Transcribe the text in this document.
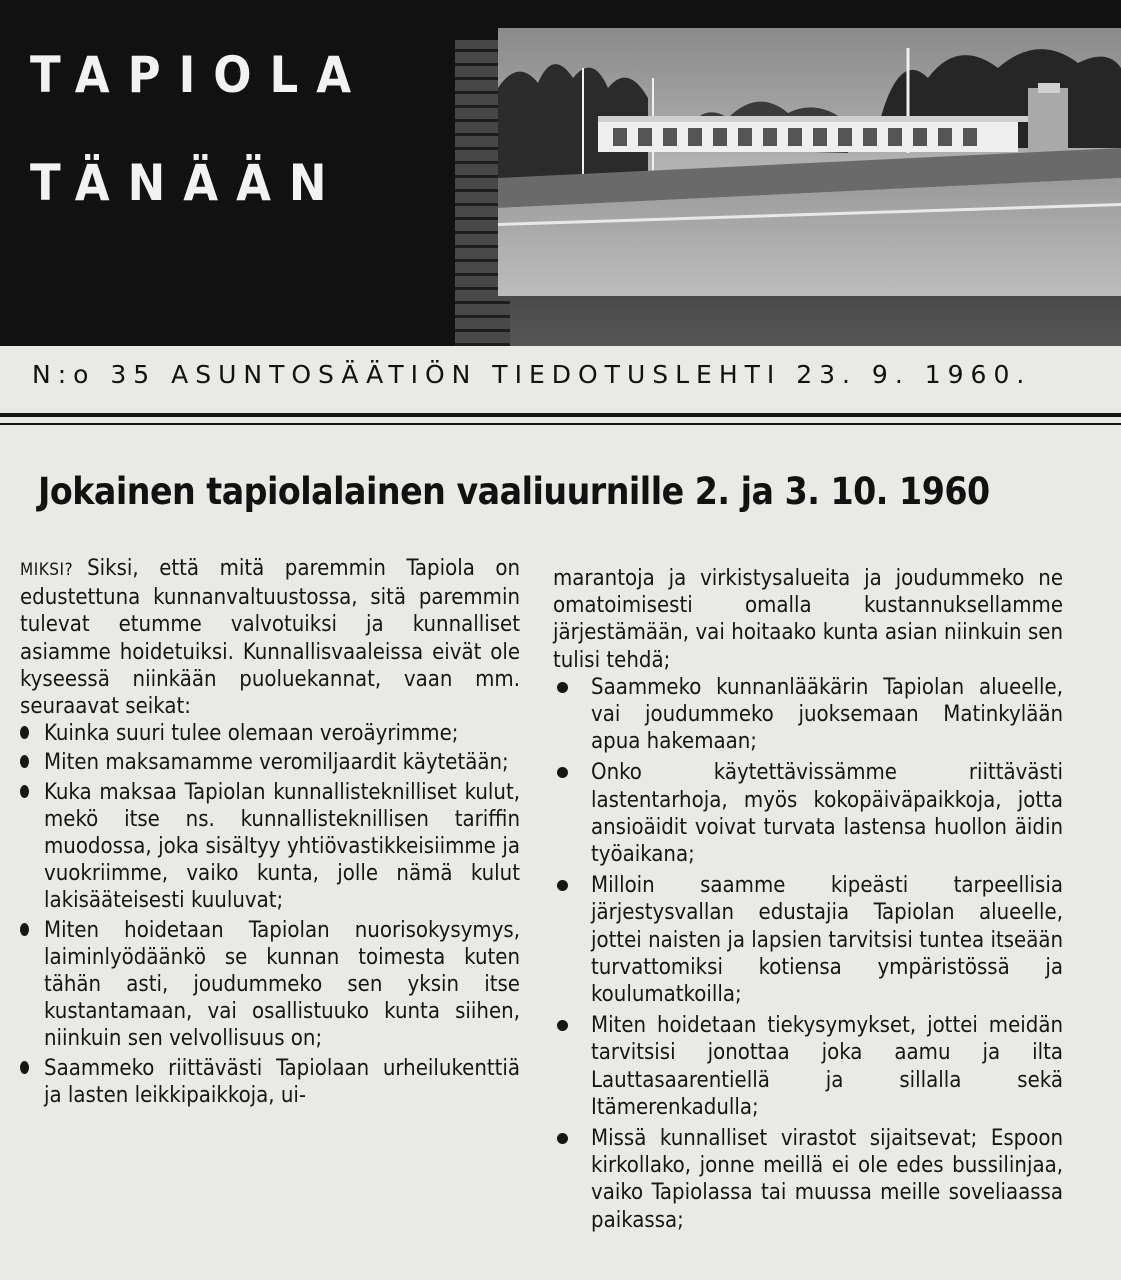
TAPIOLA
TÄNÄÄN
N:o 35 ASUNTOSÄÄTIÖN TIEDOTUSLEHTI 23. 9. 1960.
Jokainen tapiolalainen vaaliuurnille 2. ja 3. 10. 1960

MIKSI? Siksi, että mitä paremmin Tapiola on edustettuna kunnanvaltuustossa, sitä paremmin tulevat etumme valvotuiksi ja kunnalliset asiamme hoidetuiksi. Kunnallisvaaleissa eivät ole kyseessä niinkään puoluekannat, vaan mm. seuraavat seikat:

Kuinka suuri tulee olemaan veroäyrimme;
Miten maksamamme veromiljaardit käytetään;
Kuka maksaa Tapiolan kunnallisteknilliset kulut, mekö itse ns. kunnallisteknillisen tariffin muodossa, joka sisältyy yhtiövastikkeisiimme ja vuokriimme, vaiko kunta, jolle nämä kulut lakisääteisesti kuuluvat;
Miten hoidetaan Tapiolan nuorisokysymys, laiminlyödäänkö se kunnan toimesta kuten tähän asti, joudummeko sen yksin itse kustantamaan, vai osallistuuko kunta siihen, niinkuin sen velvollisuus on;
Saammeko riittävästi Tapiolaan urheilukenttiä ja lasten leikkipaikkoja, ui-

marantoja ja virkistysalueita ja joudummeko ne omatoimisesti omalla kustannuksellamme järjestämään, vai hoitaako kunta asian niinkuin sen tulisi tehdä;

Saammeko kunnanlääkärin Tapiolan alueelle, vai joudummeko juoksemaan Matinkylään apua hakemaan;
Onko käytettävissämme riittävästi lastentarhoja, myös kokopäiväpaikkoja, jotta ansioäidit voivat turvata lastensa huollon äidin työaikana;
Milloin saamme kipeästi tarpeellisia järjestysvallan edustajia Tapiolan alueelle, jottei naisten ja lapsien tarvitsisi tuntea itseään turvattomiksi kotiensa ympäristössä ja koulumatkoilla;
Miten hoidetaan tiekysymykset, jottei meidän tarvitsisi jonottaa joka aamu ja ilta Lauttasaarentiellä ja sillalla sekä Itämerenkadulla;
Missä kunnalliset virastot sijaitsevat; Espoon kirkollako, jonne meillä ei ole edes bussilinjaa, vaiko Tapiolassa tai muussa meille soveliaassa paikassa;
